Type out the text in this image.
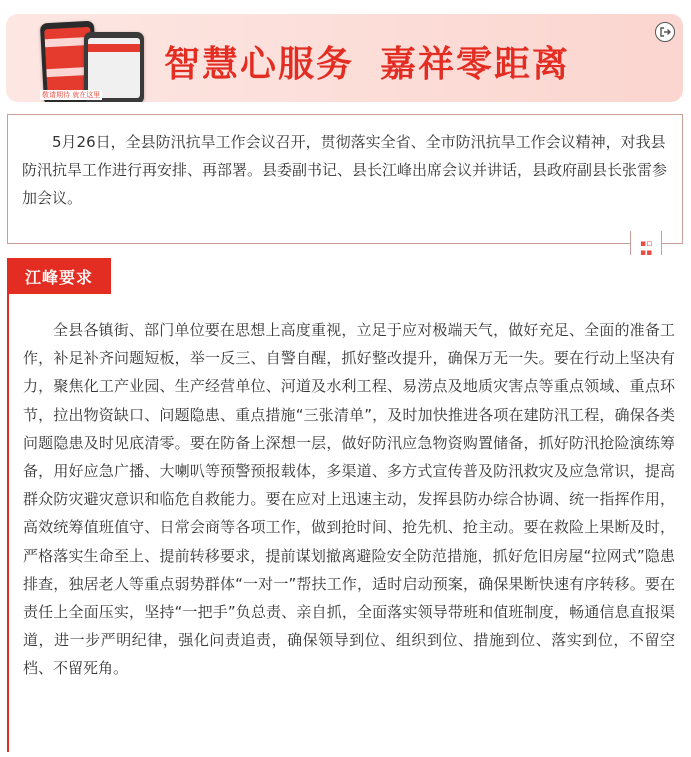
敬请期待 就在这里
智慧心服务 嘉祥零距离

5月26日，全县防汛抗旱工作会议召开，贯彻落实全省、全市防汛抗旱工作会议精神，对我县防汛抗旱工作进行再安排、再部署。县委副书记、县长江峰出席会议并讲话，县政府副县长张雷参加会议。

▪▫
▪▪
江峰要求

全县各镇街、部门单位要在思想上高度重视，立足于应对极端天气，做好充足、全面的准备工作，补足补齐问题短板，举一反三、自警自醒，抓好整改提升，确保万无一失。要在行动上坚决有力，聚焦化工产业园、生产经营单位、河道及水利工程、易涝点及地质灾害点等重点领域、重点环节，拉出物资缺口、问题隐患、重点措施“三张清单”，及时加快推进各项在建防汛工程，确保各类问题隐患及时见底清零。要在防备上深想一层，做好防汛应急物资购置储备，抓好防汛抢险演练筹备，用好应急广播、大喇叭等预警预报载体，多渠道、多方式宣传普及防汛救灾及应急常识，提高群众防灾避灾意识和临危自救能力。要在应对上迅速主动，发挥县防办综合协调、统一指挥作用，高效统筹值班值守、日常会商等各项工作，做到抢时间、抢先机、抢主动。要在救险上果断及时，严格落实生命至上、提前转移要求，提前谋划撤离避险安全防范措施，抓好危旧房屋“拉网式”隐患排查，独居老人等重点弱势群体“一对一”帮扶工作，适时启动预案，确保果断快速有序转移。要在责任上全面压实，坚持“一把手”负总责、亲自抓，全面落实领导带班和值班制度，畅通信息直报渠道，进一步严明纪律，强化问责追责，确保领导到位、组织到位、措施到位、落实到位，不留空档、不留死角。
